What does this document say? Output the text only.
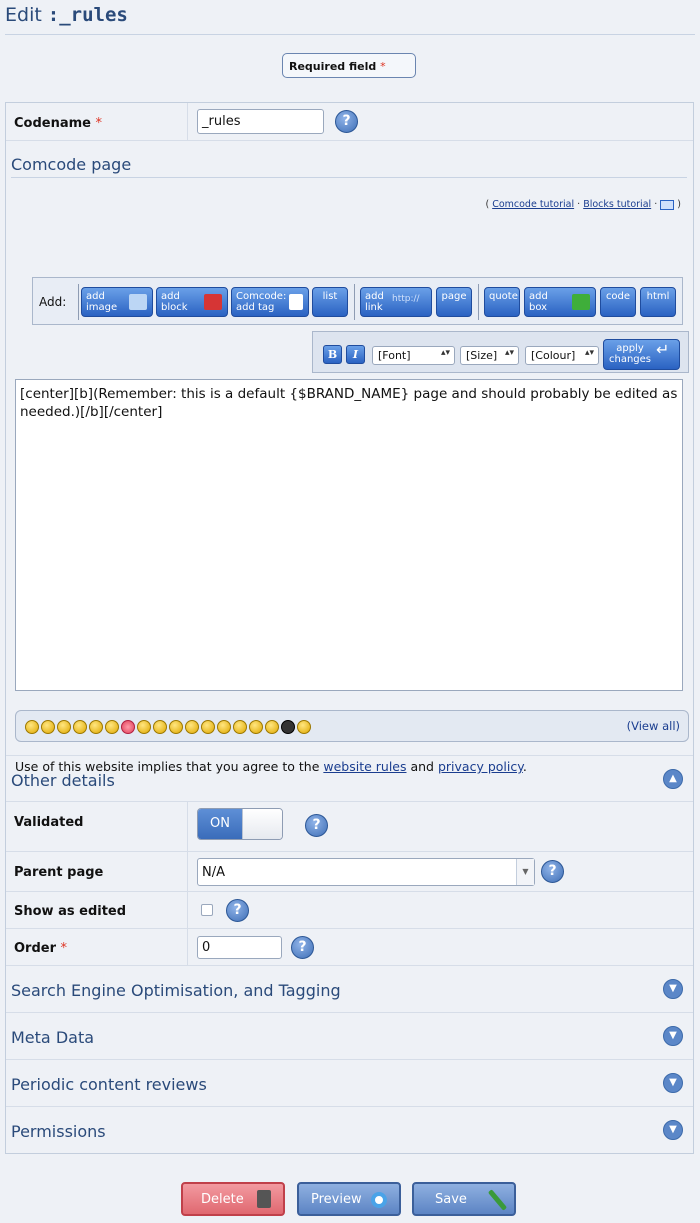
Edit :_rules
Required field *
Codename *	_rules	?
Comcode page
( Comcode tutorial · Blocks tutorial · )
Add: add image
add block
Comcode: add tag
list	add link
http://	page quote add box
code html
B	I	[Font]	▴▾	[Size] ▴▾	[Colour] ▴▾	apply changes
↵
[center][b](Remember: this is a default {$BRAND_NAME} page and should probably be edited as needed.)[/b][/center]
(View all)
Use of this website implies that you agree to the website rules and privacy policy.
Other details	▲
Validated	ON	?
Parent page	N/A	▼	?
Show as edited	?
Order *	0	?
Search Engine Optimisation, and Tagging	▼
Meta Data	▼
Periodic content reviews	▼
Permissions	▼
Delete	Preview	Save
